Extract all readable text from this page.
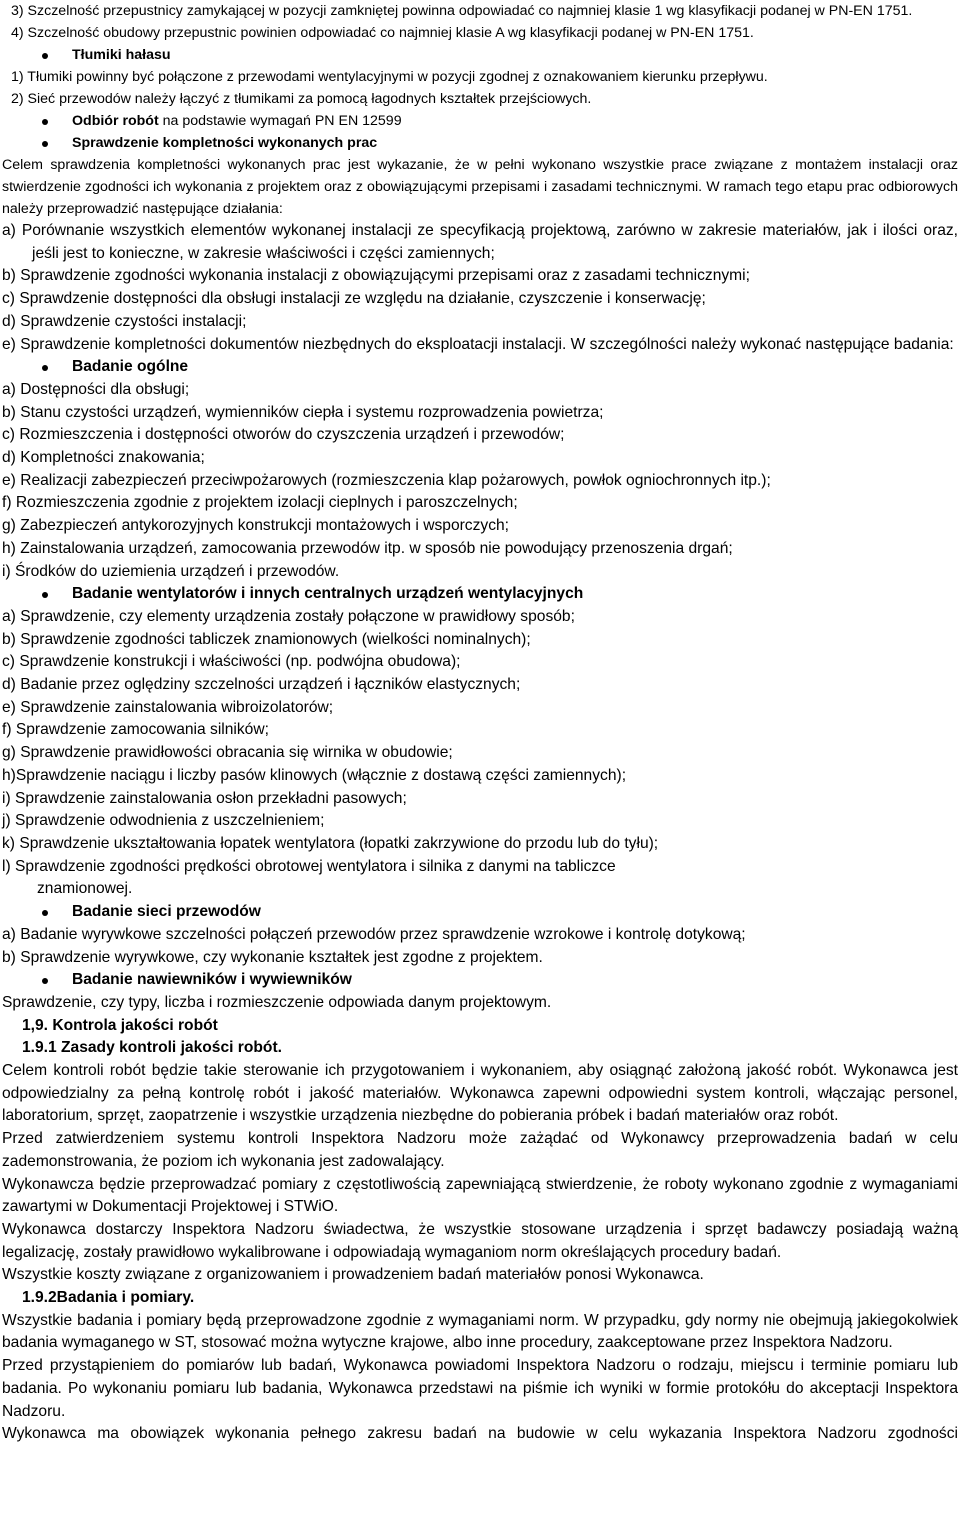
3) Szczelność przepustnicy zamykającej w pozycji zamkniętej powinna odpowiadać co najmniej klasie 1 wg klasyfikacji podanej w PN-EN 1751.

4) Szczelność obudowy przepustnic powinien odpowiadać co najmniej klasie A wg klasyfikacji podanej w PN-EN 1751.

Tłumiki hałasu

1) Tłumiki powinny być połączone z przewodami wentylacyjnymi w pozycji zgodnej z oznakowaniem kierunku przepływu.

2) Sieć przewodów należy łączyć z tłumikami za pomocą łagodnych kształtek przejściowych.

Odbiór robót na podstawie wymagań PN EN 12599

Sprawdzenie kompletności wykonanych prac

Celem sprawdzenia kompletności wykonanych prac jest wykazanie, że w pełni wykonano wszystkie prace związane z montażem instalacji oraz stwierdzenie zgodności ich wykonania z projektem oraz z obowiązującymi przepisami i zasadami technicznymi. W ramach tego etapu prac odbiorowych należy przeprowadzić następujące działania:

a) Porównanie wszystkich elementów wykonanej instalacji ze specyfikacją projektową, zarówno w zakresie materiałów, jak i ilości oraz, jeśli jest to konieczne, w zakresie właściwości i części zamiennych;

b) Sprawdzenie zgodności wykonania instalacji z obowiązującymi przepisami oraz z zasadami technicznymi;

c) Sprawdzenie dostępności dla obsługi instalacji ze względu na działanie, czyszczenie i konserwację;

d) Sprawdzenie czystości instalacji;

e) Sprawdzenie kompletności dokumentów niezbędnych do eksploatacji instalacji. W szczególności należy wykonać następujące badania:

Badanie ogólne

a) Dostępności dla obsługi;

b) Stanu czystości urządzeń, wymienników ciepła i systemu rozprowadzenia powietrza;

c) Rozmieszczenia i dostępności otworów do czyszczenia urządzeń i przewodów;

d) Kompletności znakowania;

e) Realizacji zabezpieczeń przeciwpożarowych (rozmieszczenia klap pożarowych, powłok ogniochronnych itp.);

f) Rozmieszczenia zgodnie z projektem izolacji cieplnych i paroszczelnych;

g) Zabezpieczeń antykorozyjnych konstrukcji montażowych i wsporczych;

h) Zainstalowania urządzeń, zamocowania przewodów itp. w sposób nie powodujący przenoszenia drgań;

i) Środków do uziemienia urządzeń i przewodów.

Badanie wentylatorów i innych centralnych urządzeń wentylacyjnych

a) Sprawdzenie, czy elementy urządzenia zostały połączone w prawidłowy sposób;

b) Sprawdzenie zgodności tabliczek znamionowych (wielkości nominalnych);

c) Sprawdzenie konstrukcji i właściwości (np. podwójna obudowa);

d) Badanie przez oględziny szczelności urządzeń i łączników elastycznych;

e) Sprawdzenie zainstalowania wibroizolatorów;

f) Sprawdzenie zamocowania silników;

g) Sprawdzenie prawidłowości obracania się wirnika w obudowie;

h)Sprawdzenie naciągu i liczby pasów klinowych (włącznie z dostawą części zamiennych);

i) Sprawdzenie zainstalowania osłon przekładni pasowych;

j) Sprawdzenie odwodnienia z uszczelnieniem;

k) Sprawdzenie ukształtowania łopatek wentylatora (łopatki zakrzywione do przodu lub do tyłu);

l) Sprawdzenie zgodności prędkości obrotowej wentylatora i silnika z danymi na tabliczce znamionowej.

Badanie sieci przewodów

a) Badanie wyrywkowe szczelności połączeń przewodów przez sprawdzenie wzrokowe i kontrolę dotykową;

b) Sprawdzenie wyrywkowe, czy wykonanie kształtek jest zgodne z projektem.

Badanie nawiewników i wywiewników

Sprawdzenie, czy typy, liczba i rozmieszczenie odpowiada danym projektowym.

1,9. Kontrola jakości robót

1.9.1 Zasady kontroli jakości robót.

Celem kontroli robót będzie takie sterowanie ich przygotowaniem i wykonaniem, aby osiągnąć założoną jakość robót. Wykonawca jest odpowiedzialny za pełną kontrolę robót i jakość materiałów. Wykonawca zapewni odpowiedni system kontroli, włączając personel, laboratorium, sprzęt, zaopatrzenie i wszystkie urządzenia niezbędne do pobierania próbek i badań materiałów oraz robót.

Przed zatwierdzeniem systemu kontroli Inspektora Nadzoru może zażądać od Wykonawcy przeprowadzenia badań w celu zademonstrowania, że poziom ich wykonania jest zadowalający.

Wykonawcza będzie przeprowadzać pomiary z częstotliwością zapewniającą stwierdzenie, że roboty wykonano zgodnie z wymaganiami zawartymi w Dokumentacji Projektowej i STWiO.

Wykonawca dostarczy Inspektora Nadzoru świadectwa, że wszystkie stosowane urządzenia i sprzęt badawczy posiadają ważną legalizację, zostały prawidłowo wykalibrowane i odpowiadają wymaganiom norm określających procedury badań.

Wszystkie koszty związane z organizowaniem i prowadzeniem badań materiałów ponosi Wykonawca.

1.9.2Badania i pomiary.

Wszystkie badania i pomiary będą przeprowadzone zgodnie z wymaganiami norm. W przypadku, gdy normy nie obejmują jakiegokolwiek badania wymaganego w ST, stosować można wytyczne krajowe, albo inne procedury, zaakceptowane przez Inspektora Nadzoru.

Przed przystąpieniem do pomiarów lub badań, Wykonawca powiadomi Inspektora Nadzoru o rodzaju, miejscu i terminie pomiaru lub badania. Po wykonaniu pomiaru lub badania, Wykonawca przedstawi na piśmie ich wyniki w formie protokółu do akceptacji Inspektora Nadzoru.

Wykonawca ma obowiązek wykonania pełnego zakresu badań na budowie w celu wykazania Inspektora Nadzoru zgodności
